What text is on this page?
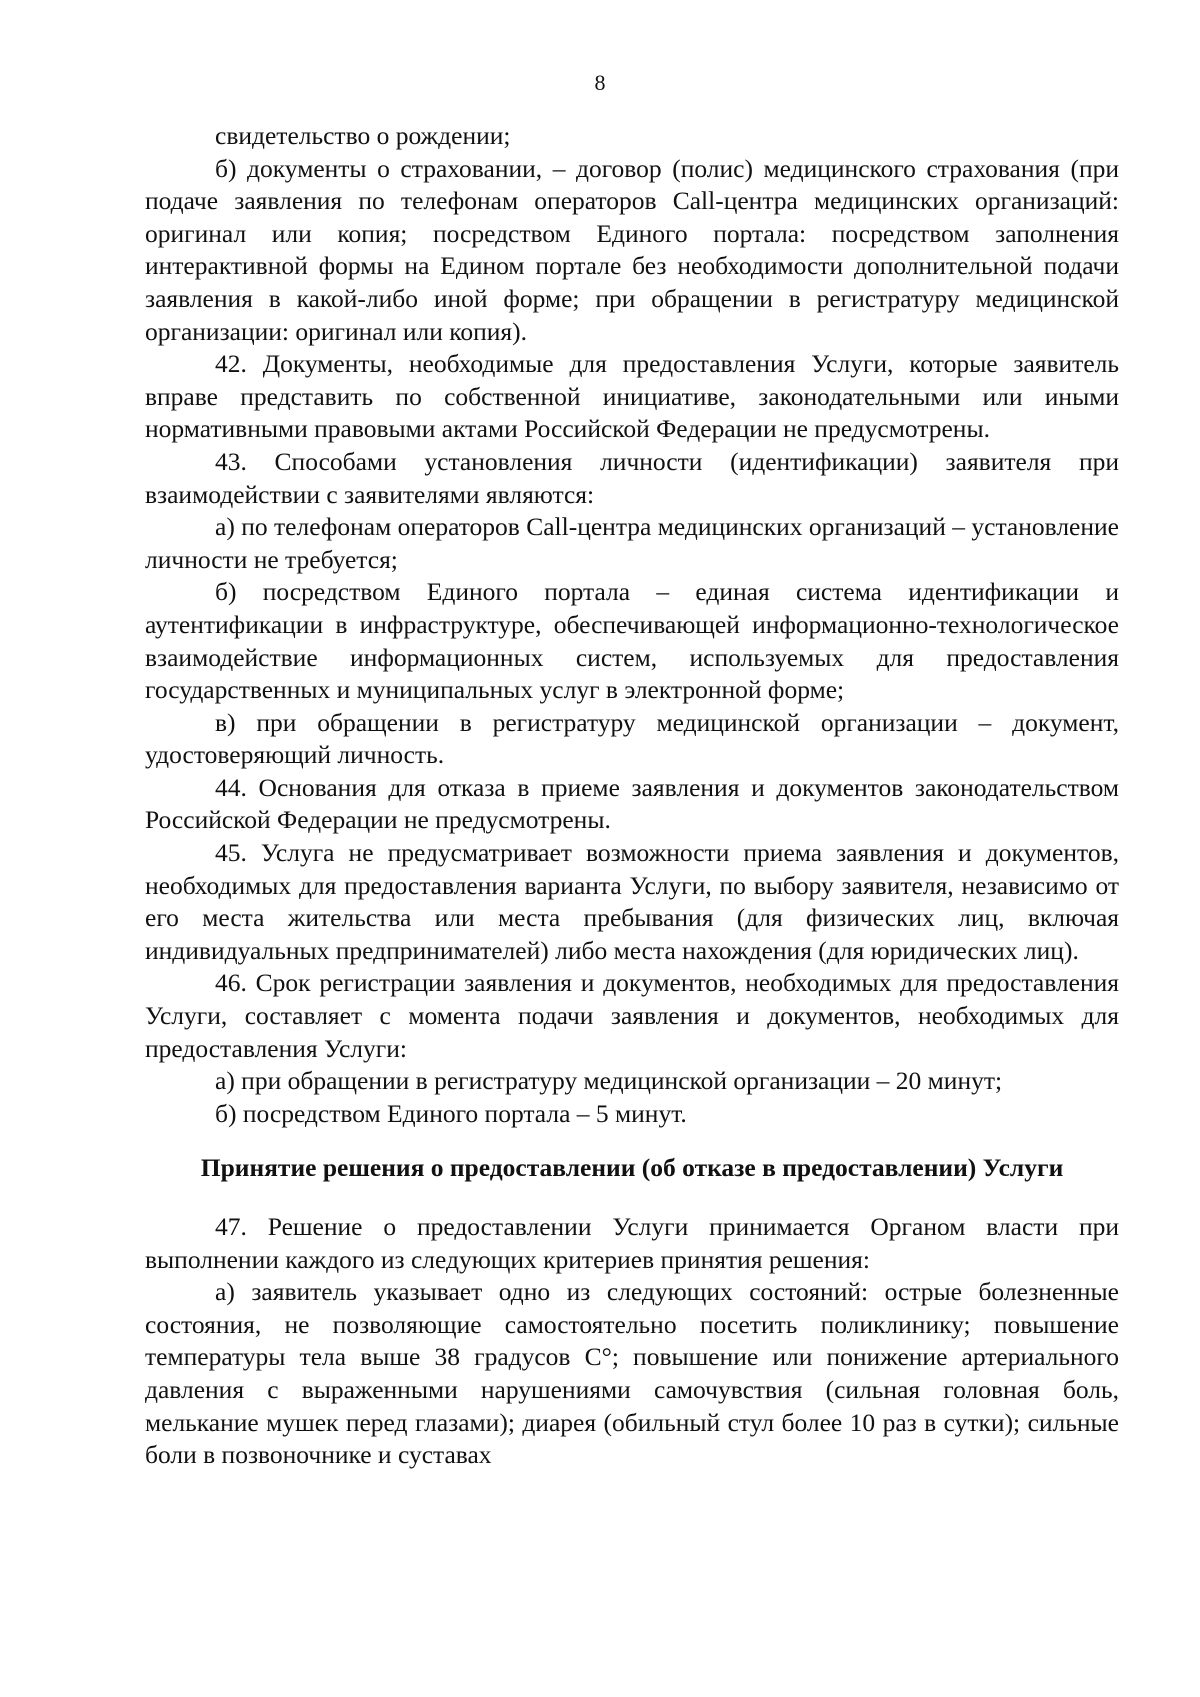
8

свидетельство о рождении;

б) документы о страховании, – договор (полис) медицинского страхования (при подаче заявления по телефонам операторов Call-центра медицинских организаций: оригинал или копия; посредством Единого портала: посредством заполнения интерактивной формы на Едином портале без необходимости дополнительной подачи заявления в какой-либо иной форме; при обращении в регистратуру медицинской организации: оригинал или копия).

42. Документы, необходимые для предоставления Услуги, которые заявитель вправе представить по собственной инициативе, законодательными или иными нормативными правовыми актами Российской Федерации не предусмотрены.

43. Способами установления личности (идентификации) заявителя при взаимодействии с заявителями являются:

а) по телефонам операторов Call-центра медицинских организаций – установление личности не требуется;

б) посредством Единого портала – единая система идентификации и аутентификации в инфраструктуре, обеспечивающей информационно-технологическое взаимодействие информационных систем, используемых для предоставления государственных и муниципальных услуг в электронной форме;

в) при обращении в регистратуру медицинской организации – документ, удостоверяющий личность.

44. Основания для отказа в приеме заявления и документов законодательством Российской Федерации не предусмотрены.

45. Услуга не предусматривает возможности приема заявления и документов, необходимых для предоставления варианта Услуги, по выбору заявителя, независимо от его места жительства или места пребывания (для физических лиц, включая индивидуальных предпринимателей) либо места нахождения (для юридических лиц).

46. Срок регистрации заявления и документов, необходимых для предоставления Услуги, составляет с момента подачи заявления и документов, необходимых для предоставления Услуги:

а) при обращении в регистратуру медицинской организации – 20 минут;

б) посредством Единого портала – 5 минут.

Принятие решения о предоставлении (об отказе в предоставлении) Услуги

47. Решение о предоставлении Услуги принимается Органом власти при выполнении каждого из следующих критериев принятия решения:

а) заявитель указывает одно из следующих состояний: острые болезненные состояния, не позволяющие самостоятельно посетить поликлинику; повышение температуры тела выше 38 градусов С°; повышение или понижение артериального давления с выраженными нарушениями самочувствия (сильная головная боль, мелькание мушек перед глазами); диарея (обильный стул более 10 раз в сутки); сильные боли в позвоночнике и суставах
